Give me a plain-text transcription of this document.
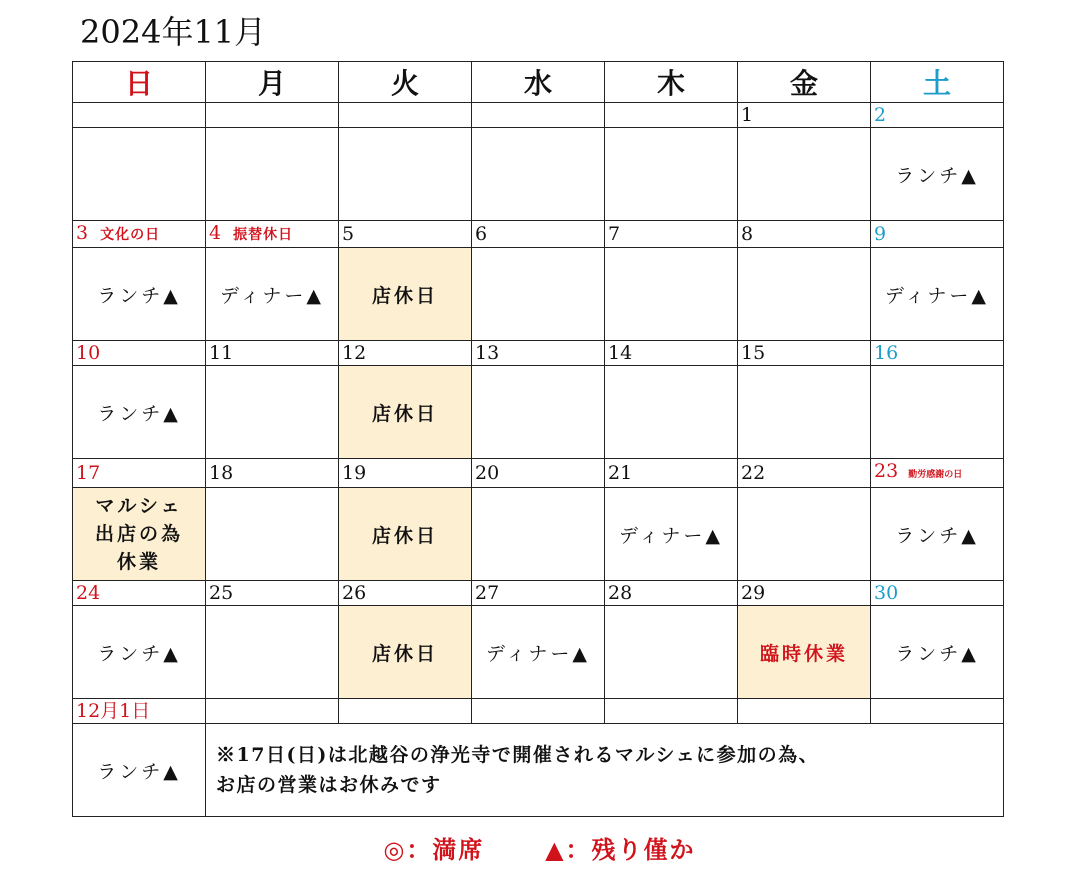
2024年11月
日	月	火	水	木	金	土
					1	2
						ランチ▲
3 文化の日	4 振替休日	5	6	7	8	9
ランチ▲	ディナー▲	店休日				ディナー▲
10	11	12	13	14	15	16
ランチ▲		店休日				
17	18	19	20	21	22	23 勤労感謝の日

マルシェ
出店の為
休業		店休日		ディナー▲		ランチ▲
24	25	26	27	28	29	30
ランチ▲		店休日	ディナー▲		臨時休業	ランチ▲
12月1日						
ランチ▲	※17日(日)は北越谷の浄光寺で開催されるマルシェに参加の為、
お店の営業はお休みです					
◎：満席	▲：残り僅か
